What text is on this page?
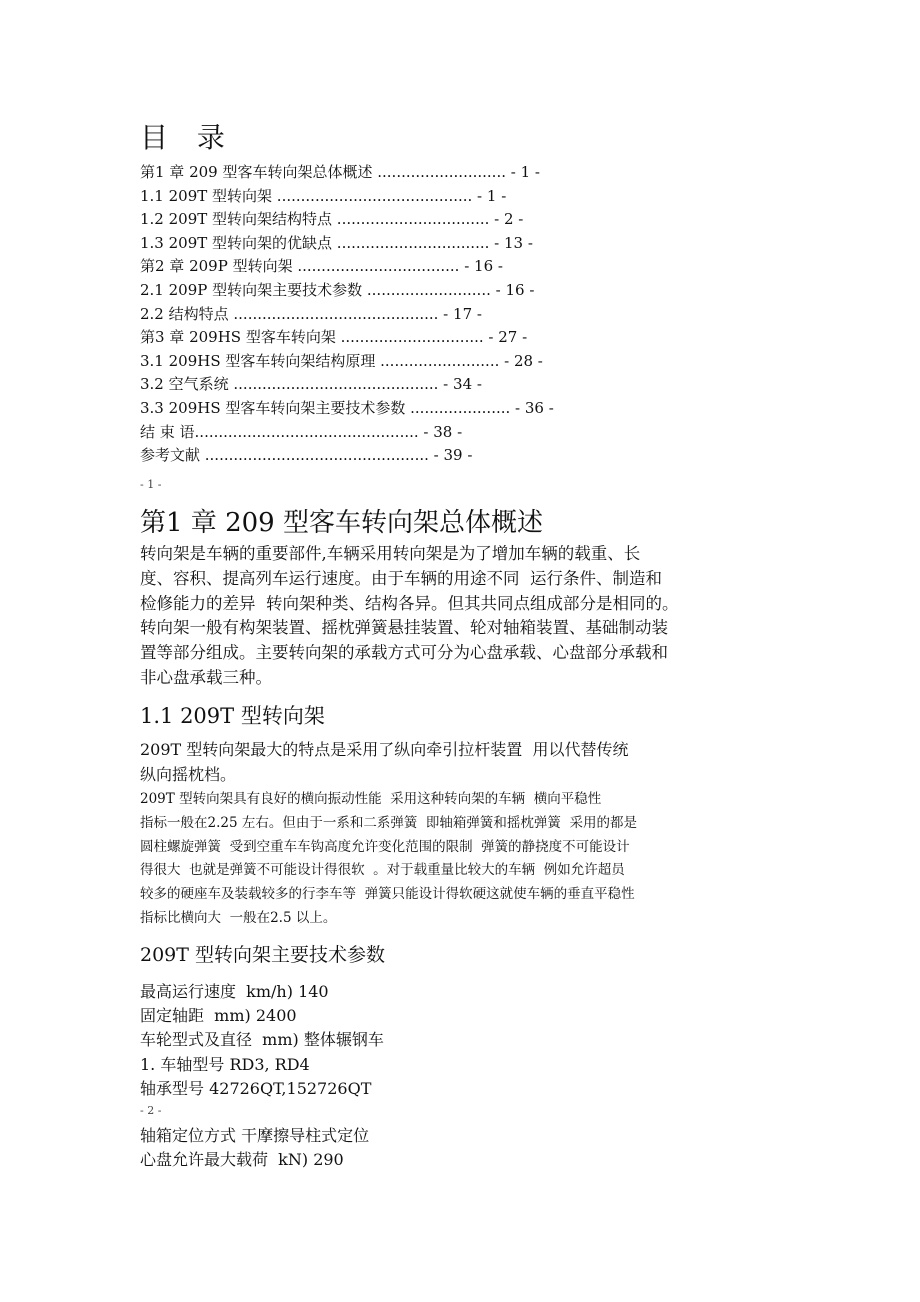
目 录
第1 章 209 型客车转向架总体概述 ........................... - 1 -
1.1 209T 型转向架 ......................................... - 1 -
1.2 209T 型转向架结构特点 ................................ - 2 -
1.3 209T 型转向架的优缺点 ................................ - 13 -
第2 章 209P 型转向架 .................................. - 16 -
2.1 209P 型转向架主要技术参数 .......................... - 16 -
2.2 结构特点 ........................................... - 17 -
第3 章 209HS 型客车转向架 .............................. - 27 -
3.1 209HS 型客车转向架结构原理 ......................... - 28 -
3.2 空气系统 ........................................... - 34 -
3.3 209HS 型客车转向架主要技术参数 ..................... - 36 -
结 束 语............................................... - 38 -
参考文献 ............................................... - 39 -
- 1 -
第1 章 209 型客车转向架总体概述
转向架是车辆的重要部件,车辆采用转向架是为了增加车辆的载重、长
度、容积、提高列车运行速度。由于车辆的用途不同  运行条件、制造和
检修能力的差异  转向架种类、结构各异。但其共同点组成部分是相同的。
转向架一般有构架装置、摇枕弹簧悬挂装置、轮对轴箱装置、基础制动装
置等部分组成。主要转向架的承载方式可分为心盘承载、心盘部分承载和
非心盘承载三种。
1.1 209T 型转向架
209T 型转向架最大的特点是采用了纵向牵引拉杆装置  用以代替传统
纵向摇枕档。
209T 型转向架具有良好的横向振动性能  采用这种转向架的车辆  横向平稳性
指标一般在2.25 左右。但由于一系和二系弹簧  即轴箱弹簧和摇枕弹簧  采用的都是
圆柱螺旋弹簧  受到空重车车钩高度允许变化范围的限制  弹簧的静挠度不可能设计
得很大  也就是弹簧不可能设计得很软  。对于载重量比较大的车辆  例如允许超员
较多的硬座车及装载较多的行李车等  弹簧只能设计得软硬这就使车辆的垂直平稳性
指标比横向大  一般在2.5 以上。
209T 型转向架主要技术参数
最高运行速度  km/h) 140
固定轴距  mm) 2400
车轮型式及直径  mm) 整体辗钢车
1. 车轴型号 RD3, RD4
轴承型号 42726QT,152726QT
- 2 -
轴箱定位方式 干摩擦导柱式定位
心盘允许最大载荷  kN) 290
